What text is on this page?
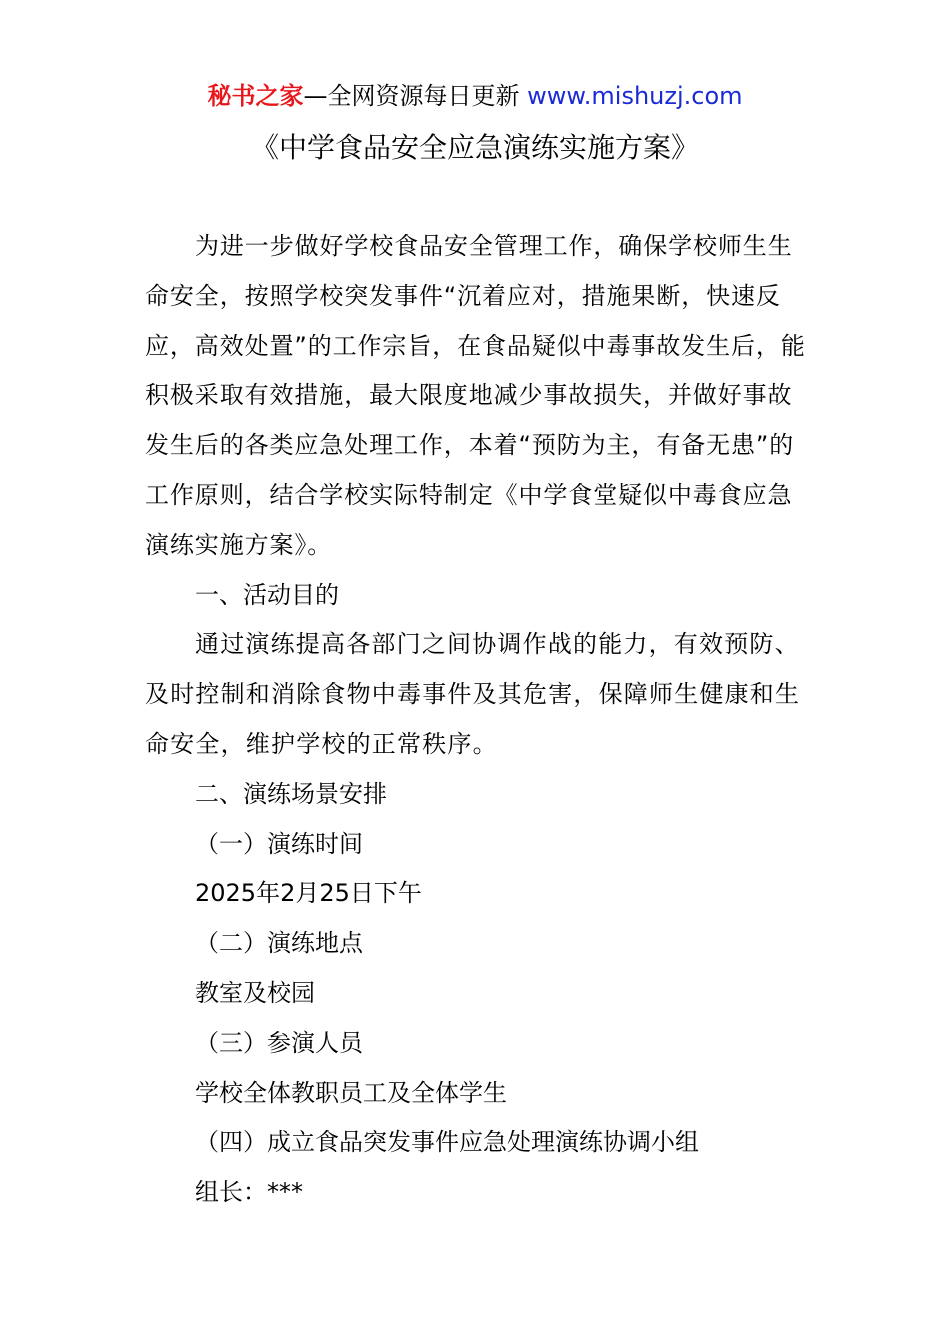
秘书之家—全网资源每日更新 www.mishuzj.com
《中学食品安全应急演练实施方案》

为进一步做好学校食品安全管理工作，确保学校师生生命安全，按照学校突发事件“沉着应对，措施果断，快速反应，高效处置”的工作宗旨，在食品疑似中毒事故发生后，能积极采取有效措施，最大限度地减少事故损失，并做好事故发生后的各类应急处理工作，本着“预防为主，有备无患”的工作原则，结合学校实际特制定《中学食堂疑似中毒食应急演练实施方案》。

一、活动目的

通过演练提高各部门之间协调作战的能力，有效预防、及时控制和消除食物中毒事件及其危害，保障师生健康和生命安全，维护学校的正常秩序。

二、演练场景安排

（一）演练时间

2025年2月25日下午

（二）演练地点

教室及校园

（三）参演人员

学校全体教职员工及全体学生

（四）成立食品突发事件应急处理演练协调小组

组长：***
